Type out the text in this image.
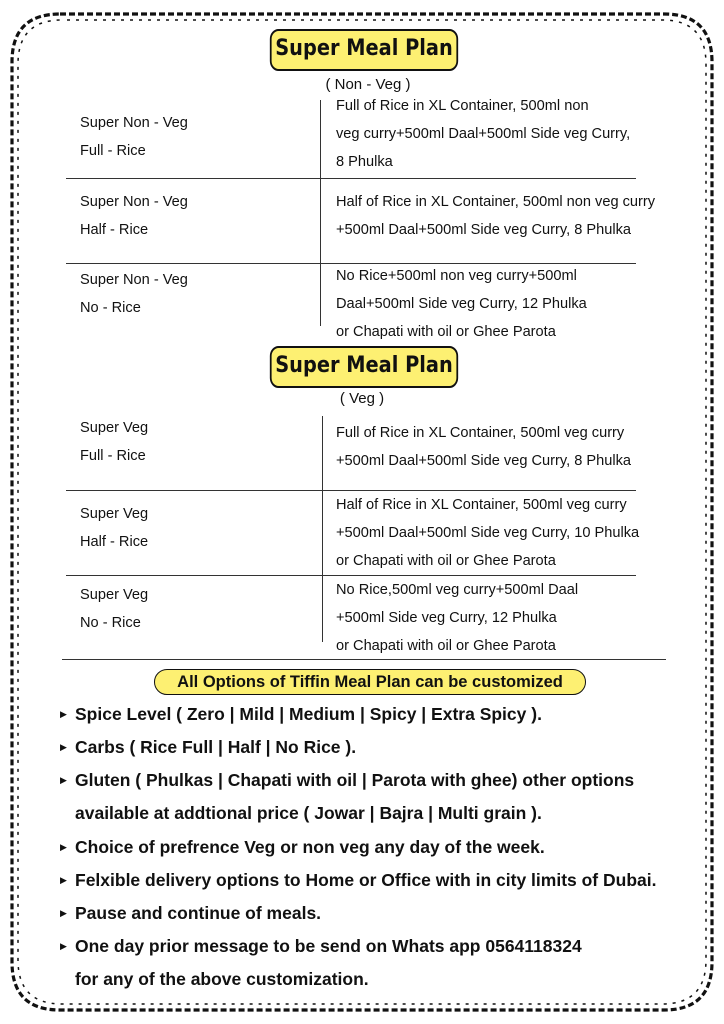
Super Meal Plan
( Non - Veg )
Super Non - Veg
Full - Rice
Full of Rice in XL Container, 500ml non
veg curry+500ml Daal+500ml Side veg Curry,
8 Phulka
Super Non - Veg
Half - Rice
Half of Rice in XL Container, 500ml non veg curry
+500ml Daal+500ml Side veg Curry, 8 Phulka
Super Non - Veg
No - Rice
No Rice+500ml non veg curry+500ml
Daal+500ml Side veg Curry, 12 Phulka
or Chapati with oil or Ghee Parota
Super Meal Plan
( Veg )
Super Veg
Full - Rice
Full of Rice in XL Container, 500ml veg curry
+500ml Daal+500ml Side veg Curry, 8 Phulka
Super Veg
Half - Rice
Half of Rice in XL Container, 500ml veg curry
+500ml Daal+500ml Side veg Curry, 10 Phulka
or Chapati with oil or Ghee Parota
Super Veg
No - Rice
No Rice,500ml veg curry+500ml Daal
+500ml Side veg Curry, 12 Phulka
or Chapati with oil or Ghee Parota
All Options of Tiffin Meal Plan can be customized
▶ Spice Level ( Zero | Mild | Medium | Spicy | Extra Spicy ).
▶ Carbs ( Rice Full | Half | No Rice ).
▶ Gluten ( Phulkas | Chapati with oil | Parota with ghee) other options
available at addtional price ( Jowar | Bajra | Multi grain ).
▶ Choice of prefrence Veg or non veg any day of the week.
▶ Felxible delivery options to Home or Office with in city limits of Dubai.
▶ Pause and continue of meals.
▶ One day prior message to be send on Whats app 0564118324
for any of the above customization.
